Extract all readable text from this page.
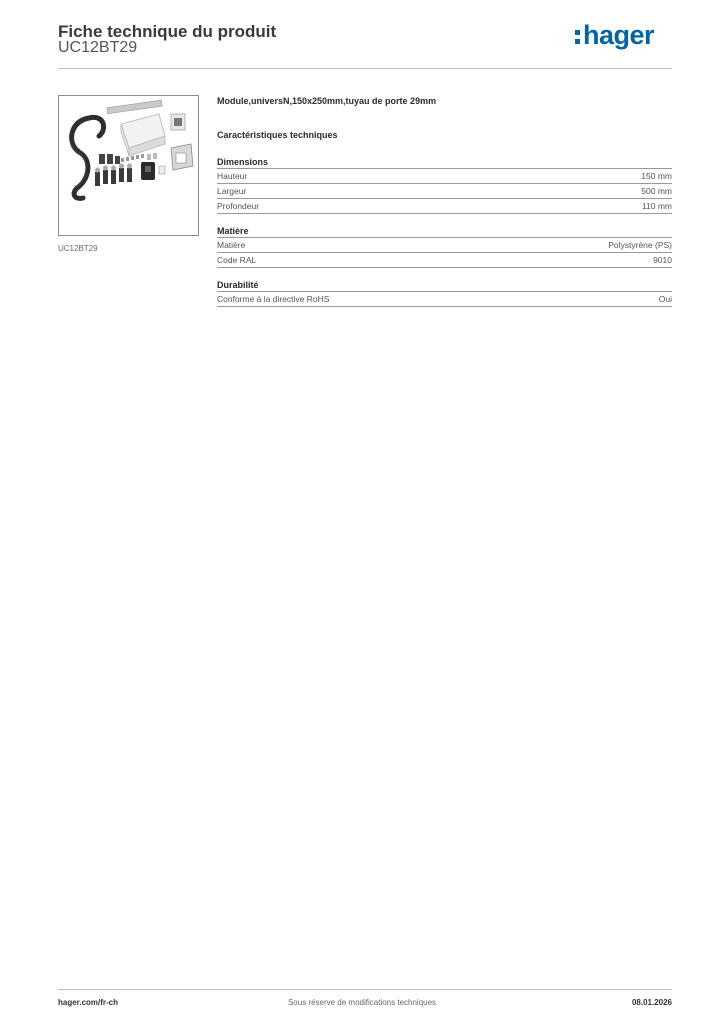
Fiche technique du produit
UC12BT29	hager
UC12BT29
Module,universN,150x250mm,tuyau de porte 29mm
Caractéristiques techniques
Dimensions
Hauteur	150 mm
Largeur	500 mm
Profondeur	110 mm
Matière
Matière	Polystyrène (PS)
Code RAL	9010
Durabilité
Conforme à la directive RoHS	Oui
hager.com/fr-ch	Sous réserve de modifications techniques	08.01.2026
